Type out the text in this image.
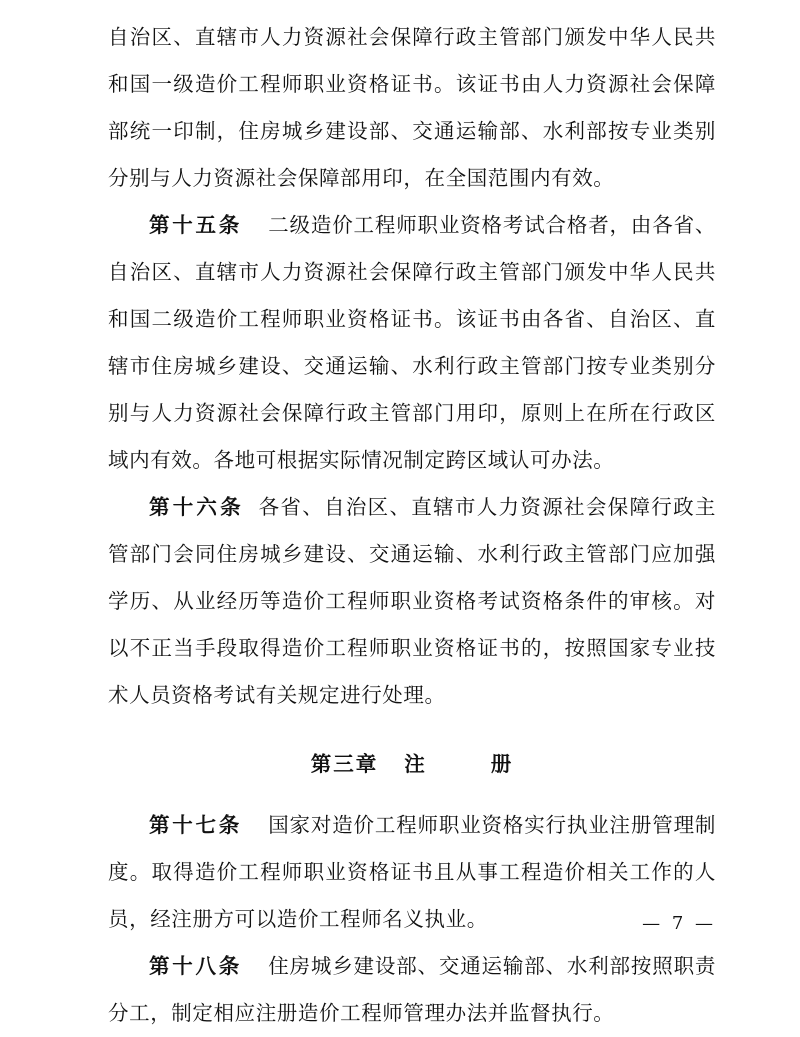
自治区、直辖市人力资源社会保障行政主管部门颁发中华人民共和国一级造价工程师职业资格证书。该证书由人力资源社会保障部统一印制，住房城乡建设部、交通运输部、水利部按专业类别分别与人力资源社会保障部用印，在全国范围内有效。

第十五条 二级造价工程师职业资格考试合格者，由各省、自治区、直辖市人力资源社会保障行政主管部门颁发中华人民共和国二级造价工程师职业资格证书。该证书由各省、自治区、直辖市住房城乡建设、交通运输、水利行政主管部门按专业类别分别与人力资源社会保障行政主管部门用印，原则上在所在行政区域内有效。各地可根据实际情况制定跨区域认可办法。

第十六条 各省、自治区、直辖市人力资源社会保障行政主管部门会同住房城乡建设、交通运输、水利行政主管部门应加强学历、从业经历等造价工程师职业资格考试资格条件的审核。对以不正当手段取得造价工程师职业资格证书的，按照国家专业技术人员资格考试有关规定进行处理。

第三章 注	册

第十七条 国家对造价工程师职业资格实行执业注册管理制度。取得造价工程师职业资格证书且从事工程造价相关工作的人员，经注册方可以造价工程师名义执业。

第十八条 住房城乡建设部、交通运输部、水利部按照职责分工，制定相应注册造价工程师管理办法并监督执行。

— 7 —
